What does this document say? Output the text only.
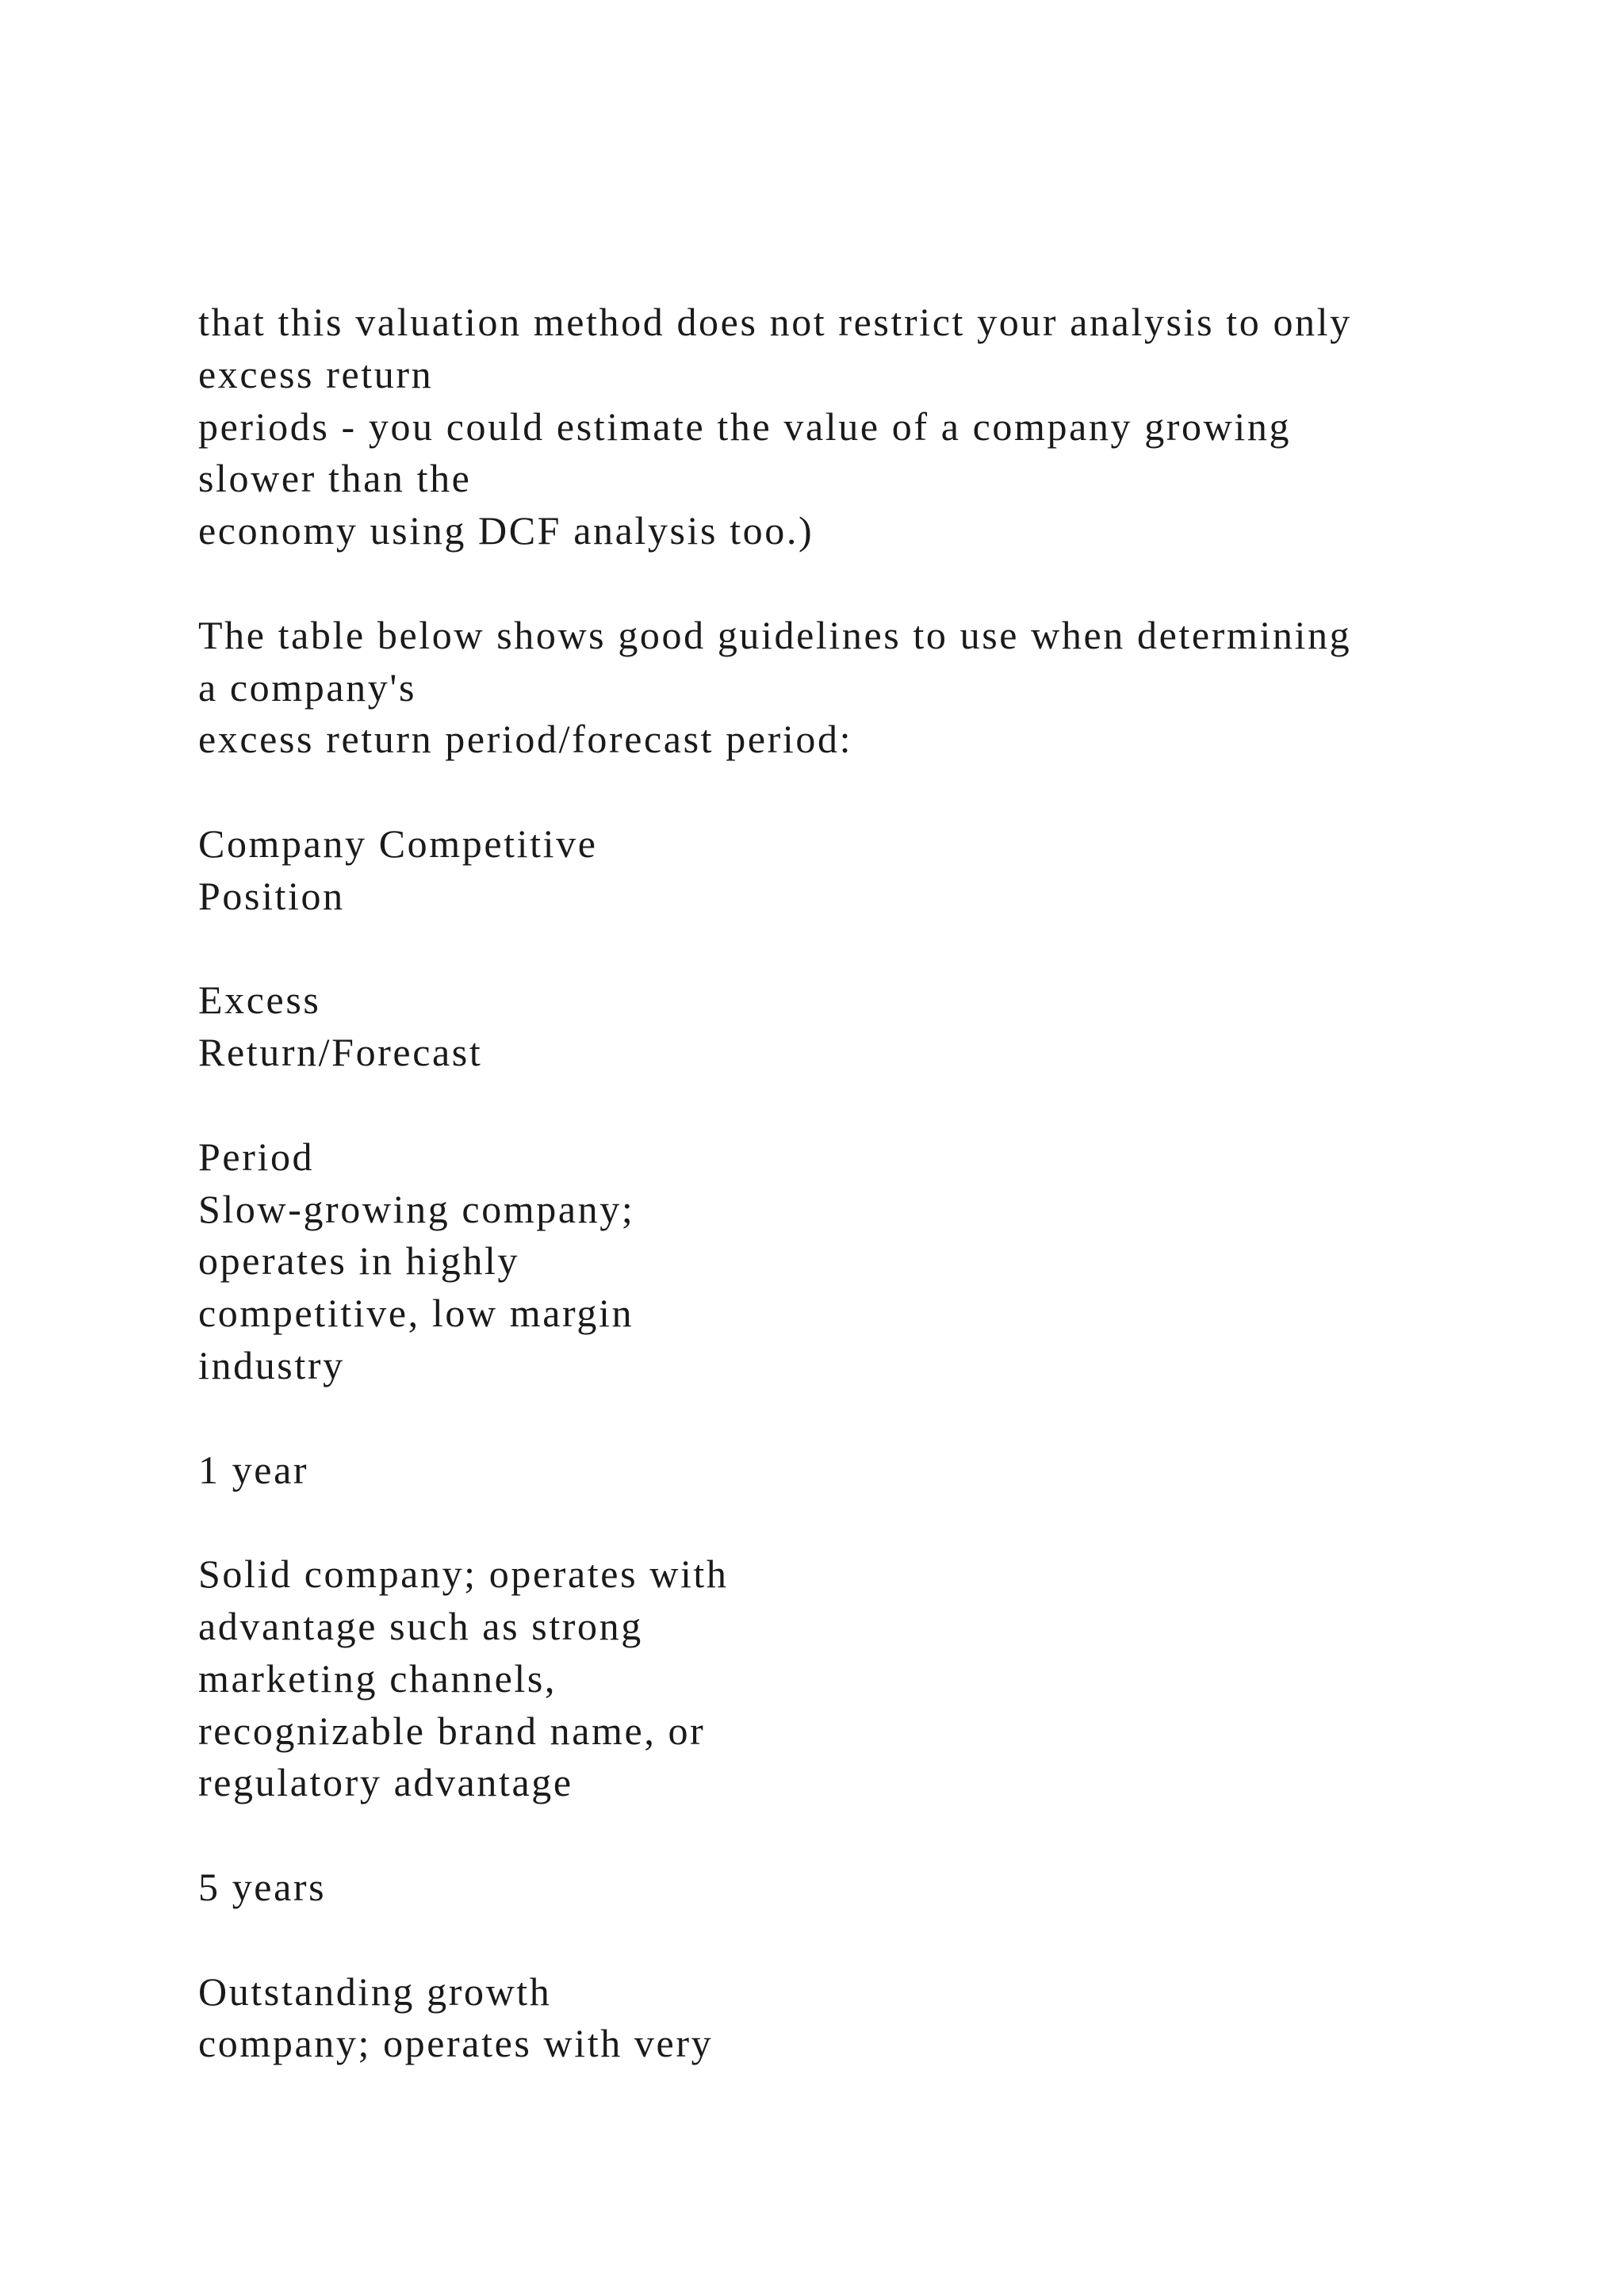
that this valuation method does not restrict your analysis to only
excess return
periods - you could estimate the value of a company growing
slower than the
economy using DCF analysis too.)
The table below shows good guidelines to use when determining
a company's
excess return period/forecast period:
Company Competitive
Position
Excess
Return/Forecast
Period
Slow-growing company;
operates in highly
competitive, low margin
industry
1 year
Solid company; operates with
advantage such as strong
marketing channels,
recognizable brand name, or
regulatory advantage
5 years
Outstanding growth
company; operates with very
